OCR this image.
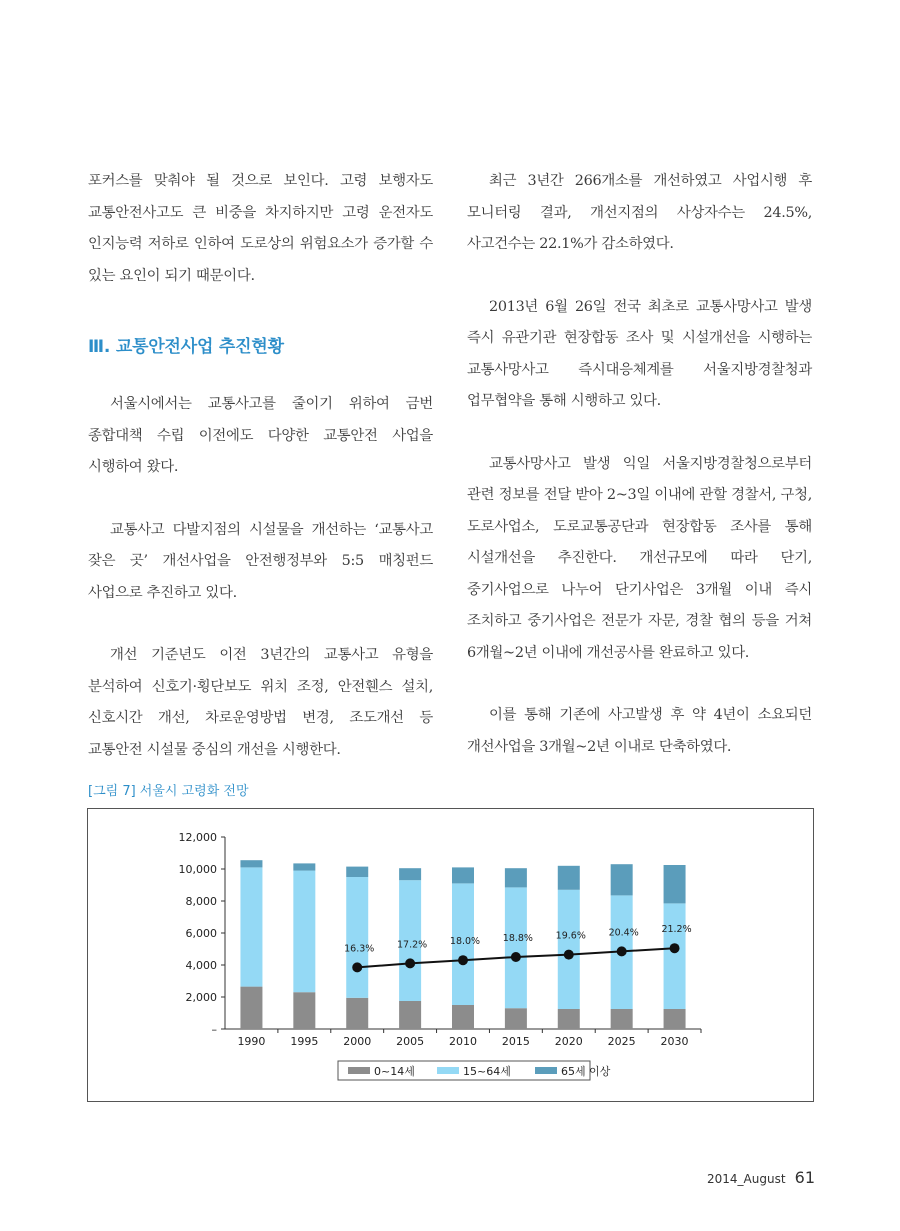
포커스를 맞춰야 될 것으로 보인다. 고령 보행자도 교통안전사고도 큰 비중을 차지하지만 고령 운전자도 인지능력 저하로 인하여 도로상의 위험요소가 증가할 수 있는 요인이 되기 때문이다.

Ⅲ. 교통안전사업 추진현황

서울시에서는 교통사고를 줄이기 위하여 금번 종합대책 수립 이전에도 다양한 교통안전 사업을 시행하여 왔다.

교통사고 다발지점의 시설물을 개선하는 ‘교통사고 잦은 곳’ 개선사업을 안전행정부와 5:5 매칭펀드 사업으로 추진하고 있다.

개선 기준년도 이전 3년간의 교통사고 유형을 분석하여 신호기·횡단보도 위치 조정, 안전휀스 설치, 신호시간 개선, 차로운영방법 변경, 조도개선 등 교통안전 시설물 중심의 개선을 시행한다.

최근 3년간 266개소를 개선하였고 사업시행 후 모니터링 결과, 개선지점의 사상자수는 24.5%, 사고건수는 22.1%가 감소하였다.

2013년 6월 26일 전국 최초로 교통사망사고 발생 즉시 유관기관 현장합동 조사 및 시설개선을 시행하는 교통사망사고 즉시대응체계를 서울지방경찰청과 업무협약을 통해 시행하고 있다.

교통사망사고 발생 익일 서울지방경찰청으로부터 관련 정보를 전달 받아 2~3일 이내에 관할 경찰서, 구청, 도로사업소, 도로교통공단과 현장합동 조사를 통해 시설개선을 추진한다. 개선규모에 따라 단기, 중기사업으로 나누어 단기사업은 3개월 이내 즉시 조치하고 중기사업은 전문가 자문, 경찰 협의 등을 거쳐 6개월~2년 이내에 개선공사를 완료하고 있다.

이를 통해 기존에 사고발생 후 약 4년이 소요되던 개선사업을 3개월~2년 이내로 단축하였다.

[그림 7] 서울시 고령화 전망
12,000
10,000
8,000
6,000
4,000
2,000
–
1990 1995 2000 2005 2010 2015 2020 2025 2030
16.3% 17.2% 18.0% 18.8% 19.6% 20.4% 21.2%
0~14세	15~64세	65세 이상
2014_August 61
